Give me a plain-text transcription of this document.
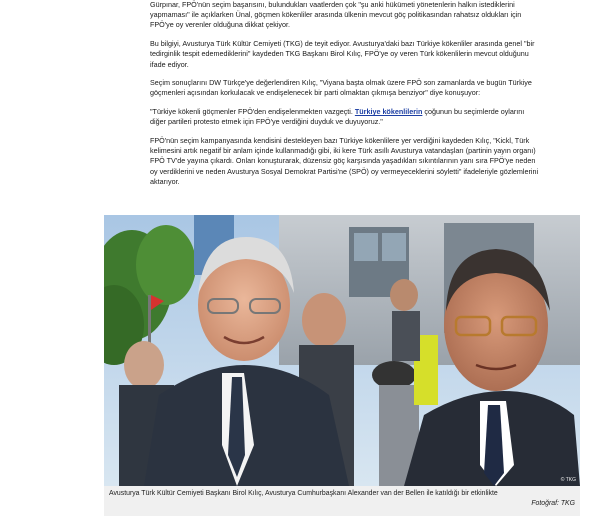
Gürpınar, FPÖ'nün seçim başarısını, bulundukları vaatlerden çok "şu anki hükümeti yönetenlerin halkın istediklerini yapmaması" ile açıklarken Ünal, göçmen kökenliler arasında ülkenin mevcut göç politikasından rahatsız oldukları için FPÖ'ye oy verenler olduğuna dikkat çekiyor.

Bu bilgiyi, Avusturya Türk Kültür Cemiyeti (TKG) de teyit ediyor. Avusturya'daki bazı Türkiye kökenliler arasında genel "bir tedirginlik tespit edemediklerini" kaydeden TKG Başkanı Birol Kılıç, FPÖ'ye oy veren Türk kökenlilerin mevcut olduğunu ifade ediyor.

Seçim sonuçlarını DW Türkçe'ye değerlendiren Kılıç, "Viyana başta olmak üzere FPÖ son zamanlarda ve bugün Türkiye göçmenleri açısından korkulacak ve endişelenecek bir parti olmaktan çıkmışa benziyor" diye konuşuyor:

"Türkiye kökenli göçmenler FPÖ'den endişelenmekten vazgeçti. Türkiye kökenlilerin çoğunun bu seçimlerde oylarını diğer partileri protesto etmek için FPÖ'ye verdiğini duyduk ve duyuyoruz."

FPÖ'nün seçim kampanyasında kendisini destekleyen bazı Türkiye kökenlilere yer verdiğini kaydeden Kılıç, "Kickl, Türk kelimesini artık negatif bir anlam içinde kullanmadığı gibi, iki kere Türk asıllı Avusturya vatandaşları (partinin yayın organı) FPÖ TV'de yayına çıkardı. Onları konuşturarak, düzensiz göç karşısında yaşadıkları sıkıntılarının yanı sıra FPÖ'ye neden oy verdiklerini ve neden Avusturya Sosyal Demokrat Partisi'ne (SPÖ) oy vermeyeceklerini söyletti" ifadeleriyle gözlemlerini aktarıyor.

© TKG
Avusturya Türk Kültür Cemiyeti Başkanı Birol Kılıç, Avusturya Cumhurbaşkanı Alexander van der Bellen ile katıldığı bir etkinlikte
Fotoğraf: TKG
